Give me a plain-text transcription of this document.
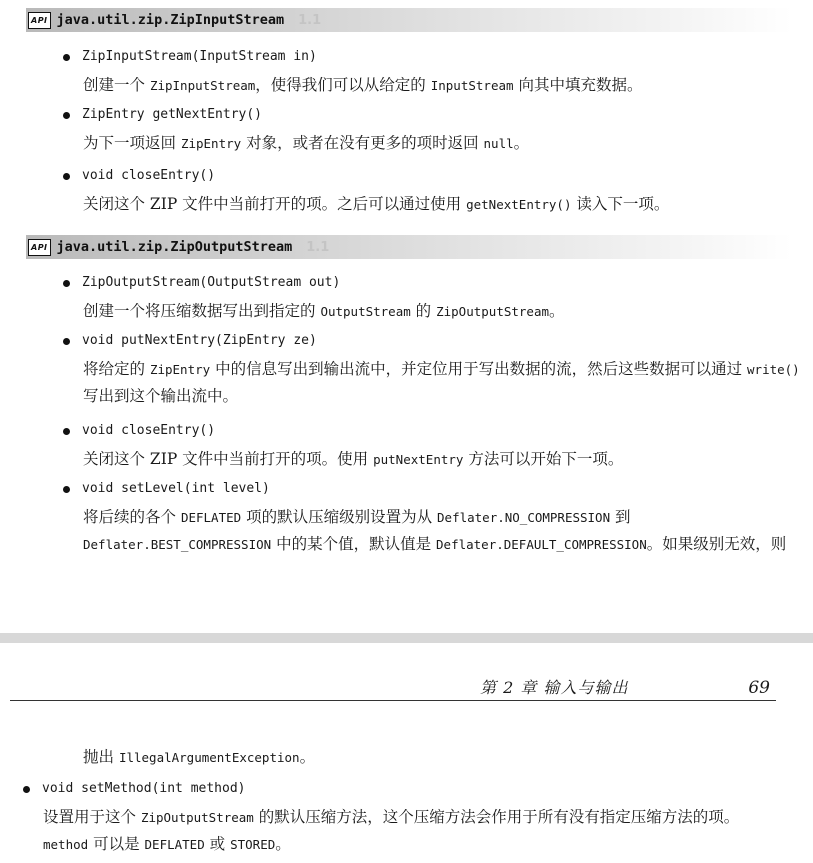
API java.util.zip.ZipInputStream 1.1
ZipInputStream(InputStream in)
创建一个 ZipInputStream，使得我们可以从给定的 InputStream 向其中填充数据。
ZipEntry getNextEntry()
为下一项返回 ZipEntry 对象，或者在没有更多的项时返回 null。
void closeEntry()
关闭这个 ZIP 文件中当前打开的项。之后可以通过使用 getNextEntry() 读入下一项。
API java.util.zip.ZipOutputStream 1.1
ZipOutputStream(OutputStream out)
创建一个将压缩数据写出到指定的 OutputStream 的 ZipOutputStream。
void putNextEntry(ZipEntry ze)
将给定的 ZipEntry 中的信息写出到输出流中，并定位用于写出数据的流，然后这些数据可以通过 write() 写出到这个输出流中。
void closeEntry()
关闭这个 ZIP 文件中当前打开的项。使用 putNextEntry 方法可以开始下一项。
void setLevel(int level)
将后续的各个 DEFLATED 项的默认压缩级别设置为从 Deflater.NO_COMPRESSION 到 Deflater.BEST_COMPRESSION 中的某个值，默认值是 Deflater.DEFAULT_COMPRESSION。如果级别无效，则
第 2 章 输入与输出	69
抛出 IllegalArgumentException。
void setMethod(int method)
设置用于这个 ZipOutputStream 的默认压缩方法，这个压缩方法会作用于所有没有指定压缩方法的项。method 可以是 DEFLATED 或 STORED。
